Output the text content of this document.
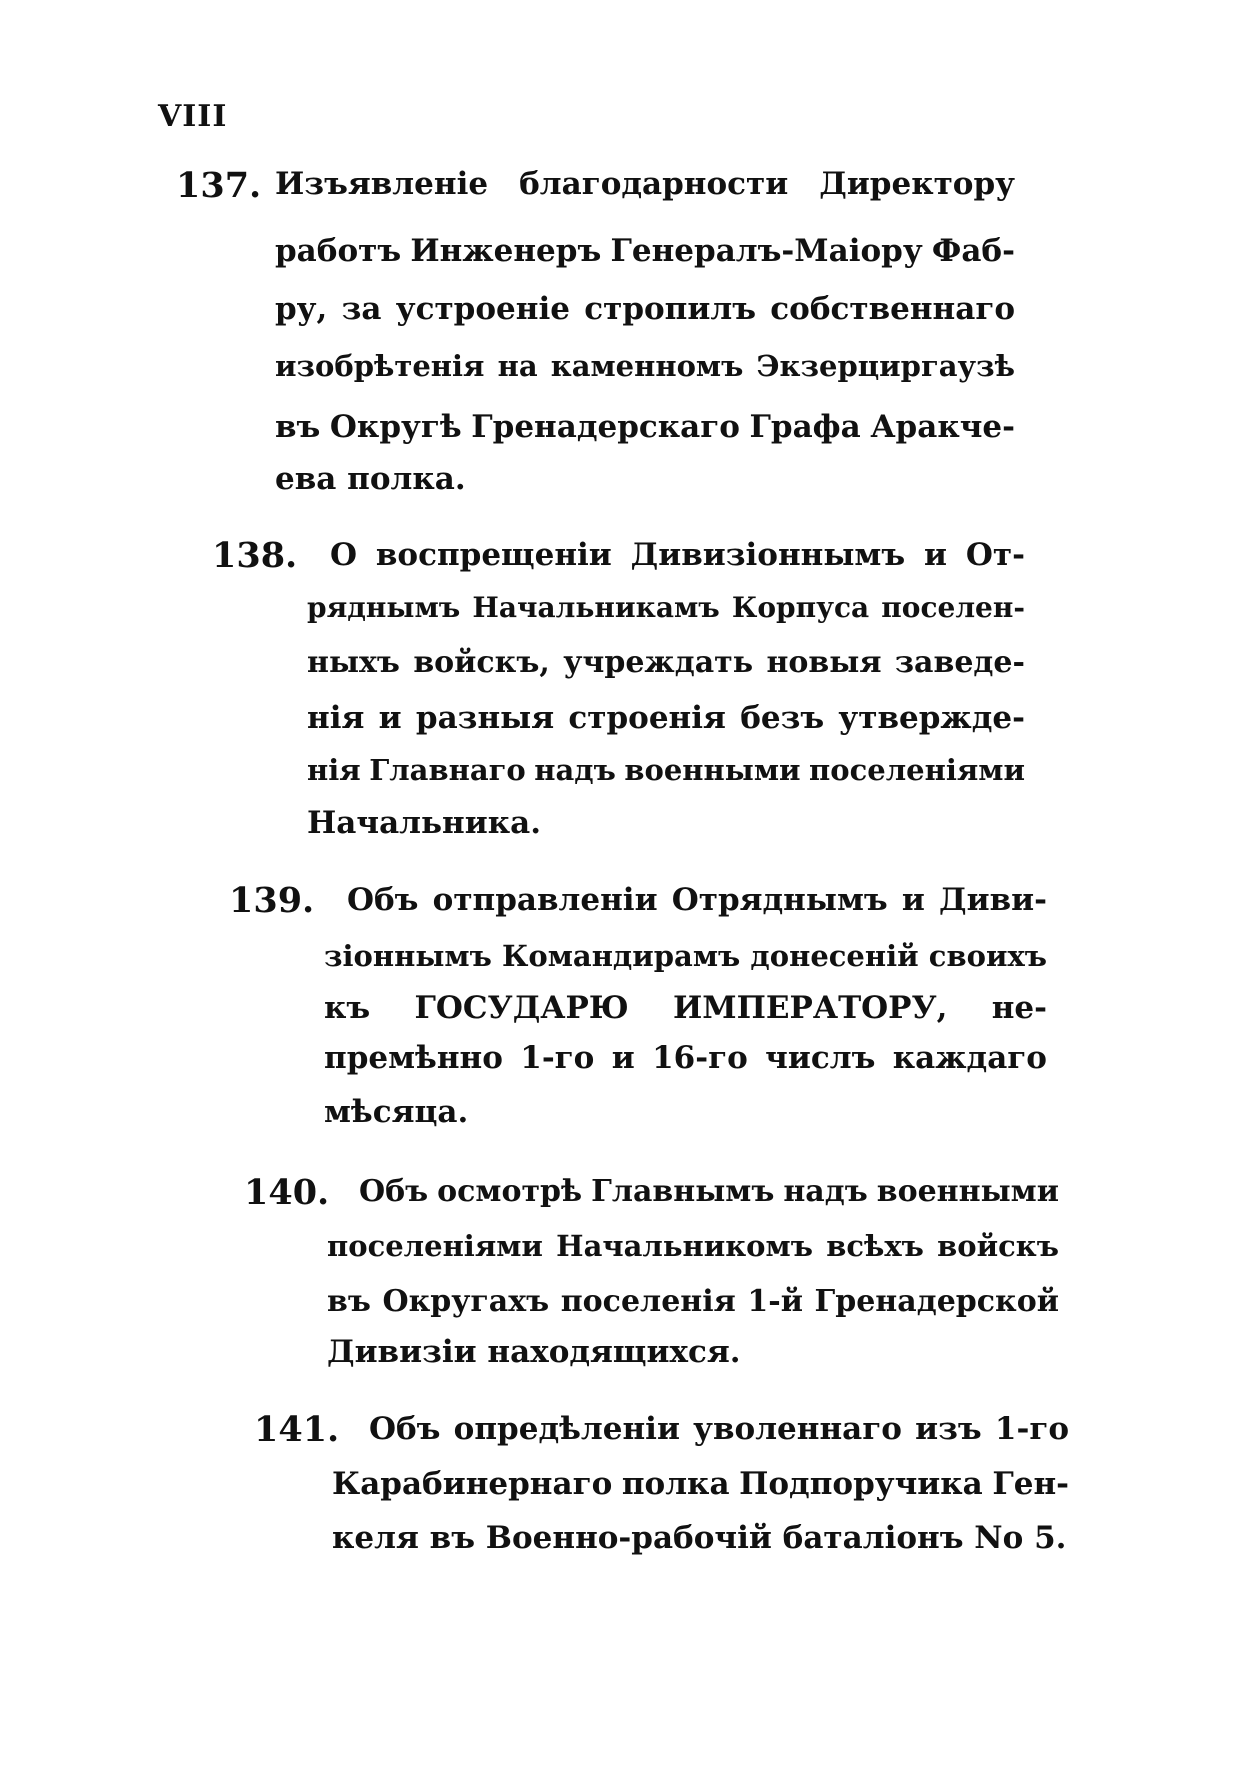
VIII
137. Изъявленіе благодарности Директору
работъ Инженеръ Генералъ-Маіору Фаб-
ру, за устроеніе стропилъ собственнаго
изобрѣтенія на каменномъ Экзерциргаузѣ
въ Округѣ Гренадерскаго Графа Аракче-
ева полка.
138. О воспрещеніи Дивизіоннымъ и От-
ряднымъ Начальникамъ Корпуса поселен-
ныхъ войскъ, учреждать новыя заведе-
нія и разныя строенія безъ утвержде-
нія Главнаго надъ военными поселеніями
Начальника.
139. Объ отправленіи Отряднымъ и Диви-
зіоннымъ Командирамъ донесеній своихъ
къ ГОСУДАРЮ ИМПЕРАТОРУ, не-
премѣнно 1-го и 16-го числъ каждаго
мѣсяца.
140. Объ осмотрѣ Главнымъ надъ военными
поселеніями Начальникомъ всѣхъ войскъ
въ Округахъ поселенія 1-й Гренадерской
Дивизіи находящихся.
141. Объ опредѣленіи уволеннаго изъ 1-го
Карабинернаго полка Подпоручика Ген-
келя въ Военно-рабочій баталіонъ No 5.
